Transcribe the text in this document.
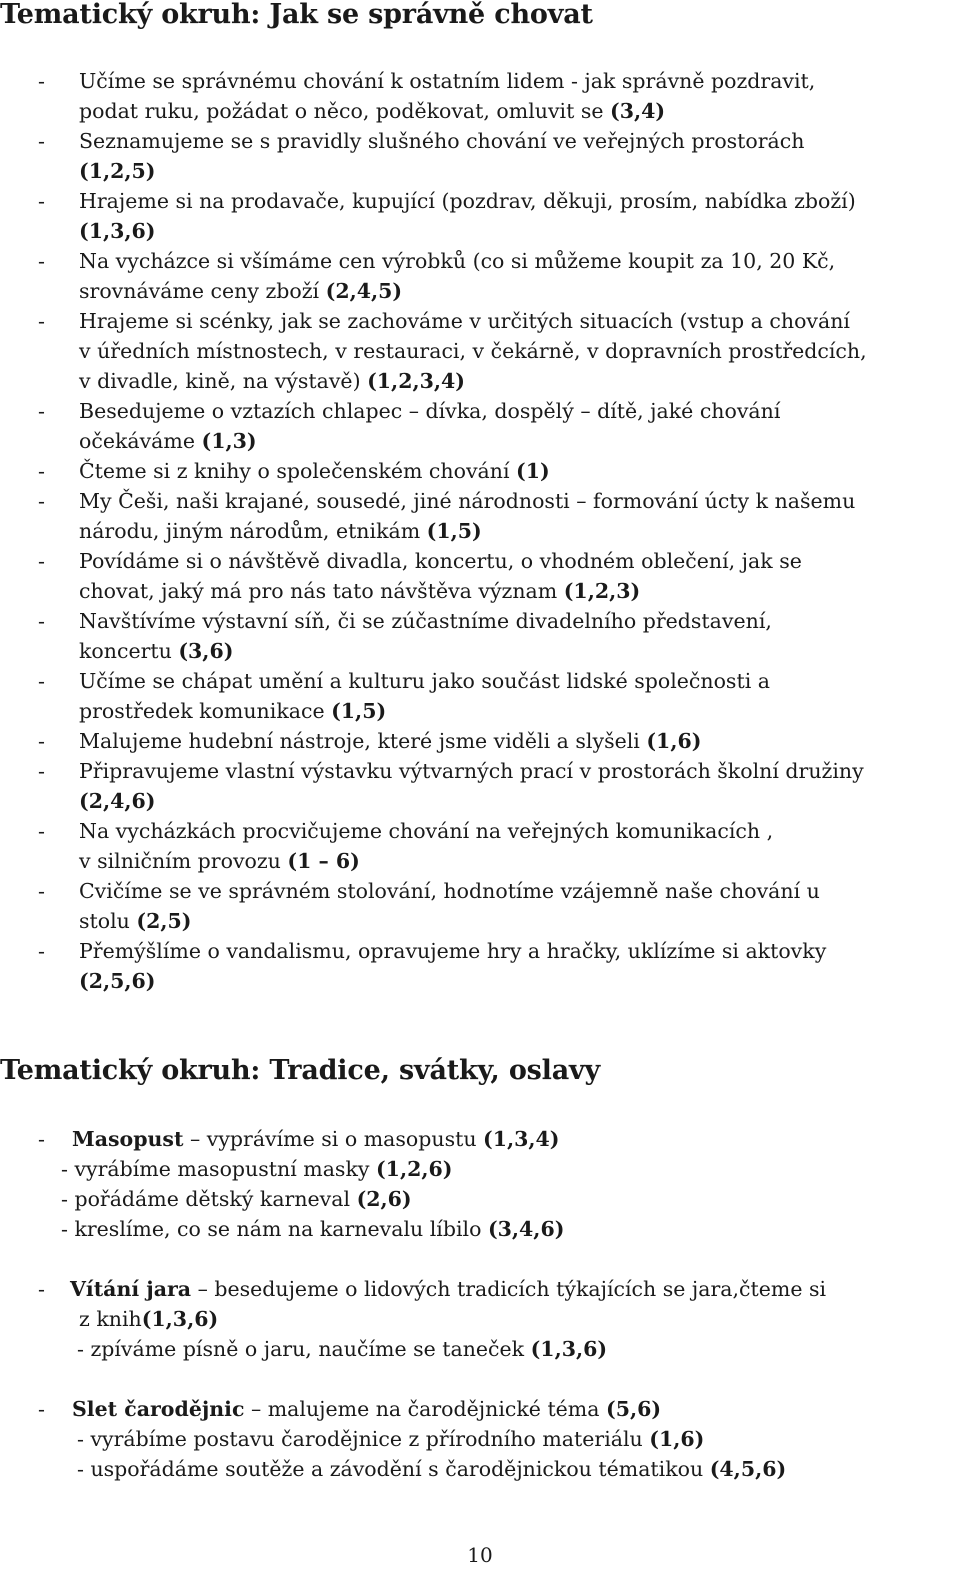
Tematický okruh: Jak se správně chovat
-	Učíme se správnému chování k ostatním lidem - jak správně pozdravit,
podat ruku, požádat o něco, poděkovat, omluvit se (3,4)
-	Seznamujeme se s pravidly slušného chování ve veřejných prostorách
(1,2,5)
-	Hrajeme si na prodavače, kupující (pozdrav, děkuji, prosím, nabídka zboží)
(1,3,6)
-	Na vycházce si všímáme cen výrobků (co si můžeme koupit za 10, 20 Kč,
srovnáváme ceny zboží (2,4,5)
-	Hrajeme si scénky, jak se zachováme v určitých situacích (vstup a chování
v úředních místnostech, v restauraci, v čekárně, v dopravních prostředcích,
v divadle, kině, na výstavě) (1,2,3,4)
-	Besedujeme o vztazích chlapec – dívka, dospělý – dítě, jaké chování
očekáváme (1,3)
-	Čteme si z knihy o společenském chování (1)
-	My Češi, naši krajané, sousedé, jiné národnosti – formování úcty k našemu
národu, jiným národům, etnikám (1,5)
-	Povídáme si o návštěvě divadla, koncertu, o vhodném oblečení, jak se
chovat, jaký má pro nás tato návštěva význam (1,2,3)
-	Navštívíme výstavní síň, či se zúčastníme divadelního představení,
koncertu (3,6)
-	Učíme se chápat umění a kulturu jako součást lidské společnosti a
prostředek komunikace (1,5)
-	Malujeme hudební nástroje, které jsme viděli a slyšeli (1,6)
-	Připravujeme vlastní výstavku výtvarných prací v prostorách školní družiny
(2,4,6)
-	Na vycházkách procvičujeme chování na veřejných komunikacích ,
v silničním provozu (1 – 6)
-	Cvičíme se ve správném stolování, hodnotíme vzájemně naše chování u
stolu (2,5)
-	Přemýšlíme o vandalismu, opravujeme hry a hračky, uklízíme si aktovky
(2,5,6)
Tematický okruh: Tradice, svátky, oslavy
-	Masopust – vyprávíme si o masopustu (1,3,4)
- vyrábíme masopustní masky (1,2,6)
- pořádáme dětský karneval (2,6)
- kreslíme, co se nám na karnevalu líbilo (3,4,6)
-	Vítání jara – besedujeme o lidových tradicích týkajících se jara,čteme si
z knih(1,3,6)
- zpíváme písně o jaru, naučíme se taneček (1,3,6)
-	Slet čarodějnic – malujeme na čarodějnické téma (5,6)
- vyrábíme postavu čarodějnice z přírodního materiálu (1,6)
- uspořádáme soutěže a závodění s čarodějnickou tématikou (4,5,6)
10
